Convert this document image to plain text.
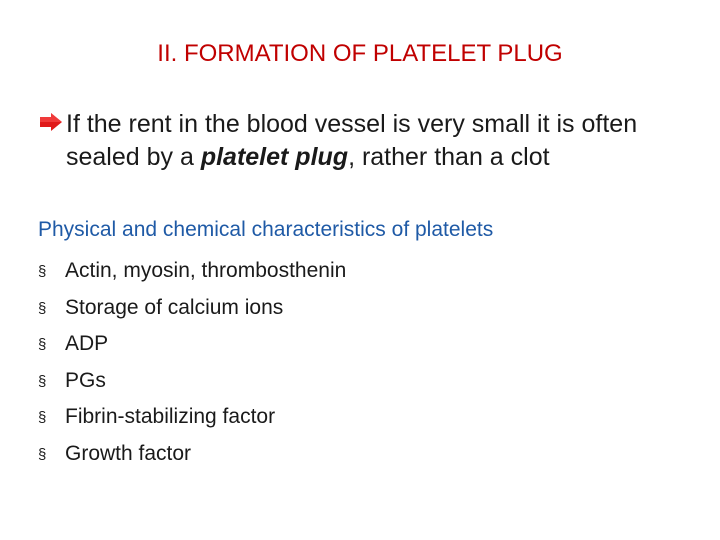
II. FORMATION OF PLATELET PLUG
If the rent in the blood vessel is very small it is often sealed by a platelet plug, rather than a clot
Physical and chemical characteristics of platelets
§ Actin, myosin, thrombosthenin
§ Storage of calcium ions
§ ADP
§ PGs
§ Fibrin-stabilizing factor
§ Growth factor
